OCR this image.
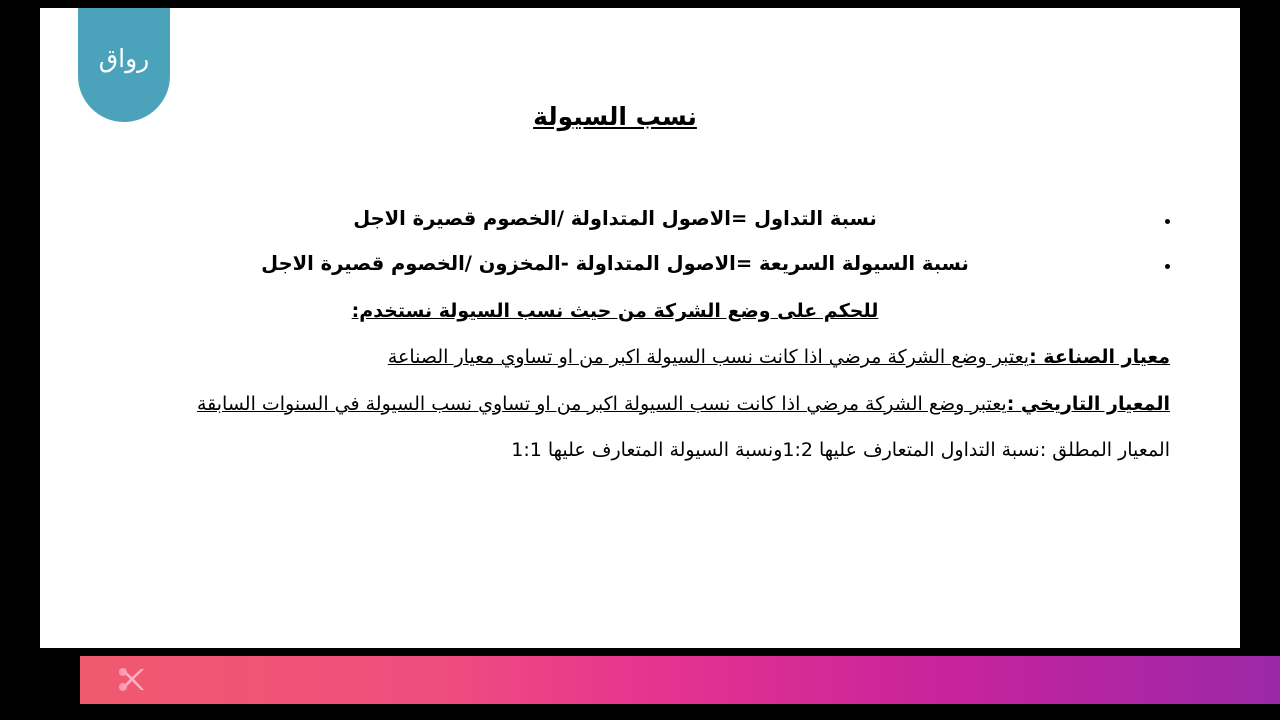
نسب السيولة
نسبة التداول =الاصول المتداولة /الخصوم قصيرة الاجل
نسبة السيولة السريعة =الاصول المتداولة -المخزون /الخصوم قصيرة الاجل
للحكم على وضع الشركة من حيث نسب السيولة نستخدم:
معيار الصناعة :يعتبر وضع الشركة مرضي اذا كانت نسب السيولة اكبر من او تساوي معيار الصناعة
المعيار التاريخي :يعتبر وضع الشركة مرضي اذا كانت نسب السيولة اكبر من او تساوي نسب السيولة في السنوات السابقة
المعيار المطلق :نسبة التداول المتعارف عليها 1:2ونسبة السيولة المتعارف عليها 1:1
رواق
